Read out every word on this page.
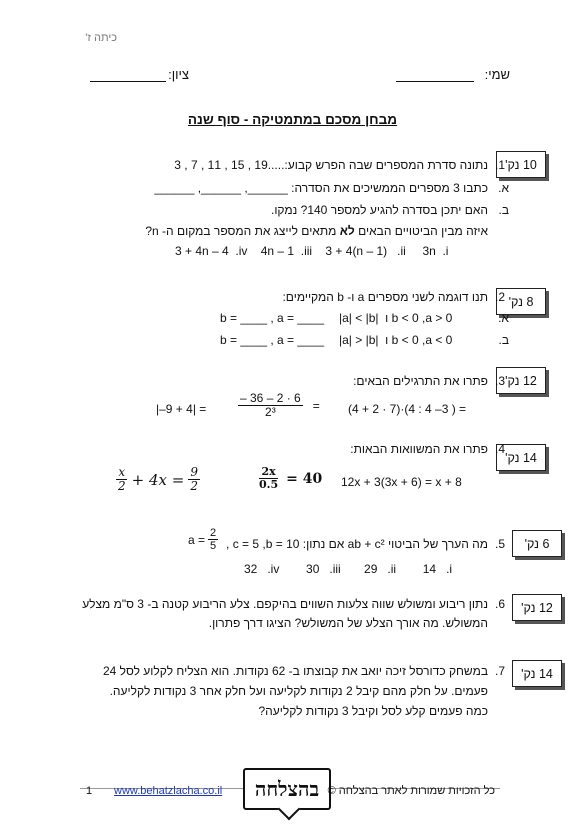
כיתה ז'
שמי:
ציון:
מבחן מסכם במתמטיקה - סוף שנה
10 נק'
1.
נתונה סדרת המספרים שבה הפרש קבוע:.....19 , 15 , 11 , 7 , 3
א.
כתבו 3 מספרים הממשיכים את הסדרה: ______, ______, ______
ב.
האם יתכן בסדרה להגיע למספר 140? נמקו.
איזה מבין הביטויים הבאים לא מתאים לייצג את המספר במקום ה- n?
3 + 4n – 4  .iv    4n – 1  .iii    3 + 4(n – 1)   .ii     3n  .i
8 נק'
2.
תנו דוגמה לשני מספרים a ו- b המקיימים:
א.
|a| < |b|  ו b < 0 ,a > 0
b = ____ , a = ____
ב.
|a| > |b|  ו b < 0 ,a < 0
b = ____ , a = ____
12 נק'
3.
פתרו את התרגילים הבאים:
|–9 + 4| =	$\frac{- 36 - 2 \cdot 6}{\text{2³}} = (4 + 2 \cdot 7)\cdot(4$ : 4 –3 ) =
14 נק'
4.
פתרו את המשוואות הבאות:
$\frac{x}{2} + 4x = \frac{9}{2}$	$\frac{2x}{0.5} = 40$ 12x + 3(3x + 6) = x + 8
6 נק'
5.
מה הערך של הביטוי ab + c² אם נתון: c = 5 ,b = 10 ,
$a = \frac{2}{5}$
32   .iv        30   .iii       29   .ii        14   .i
12 נק'
6.
נתון ריבוע ומשולש שווה צלעות השווים בהיקפם. צלע הריבוע קטנה ב- 3 ס"מ מצלע
המשולש. מה אורך הצלע של המשולש? הציגו דרך פתרון.
14 נק'
7.
במשחק כדורסל זיכה יואב את קבוצתו ב- 62 נקודות. הוא הצליח לקלוע לסל 24
פעמים. על חלק מהם קיבל 2 נקודות לקליעה ועל חלק אחר 3 נקודות לקליעה.
כמה פעמים קלע לסל וקיבל 3 נקודות לקליעה?
1 www.behatzlacha.co.il בהצלחה כל הזכויות שמורות לאתר בהצלחה ©
